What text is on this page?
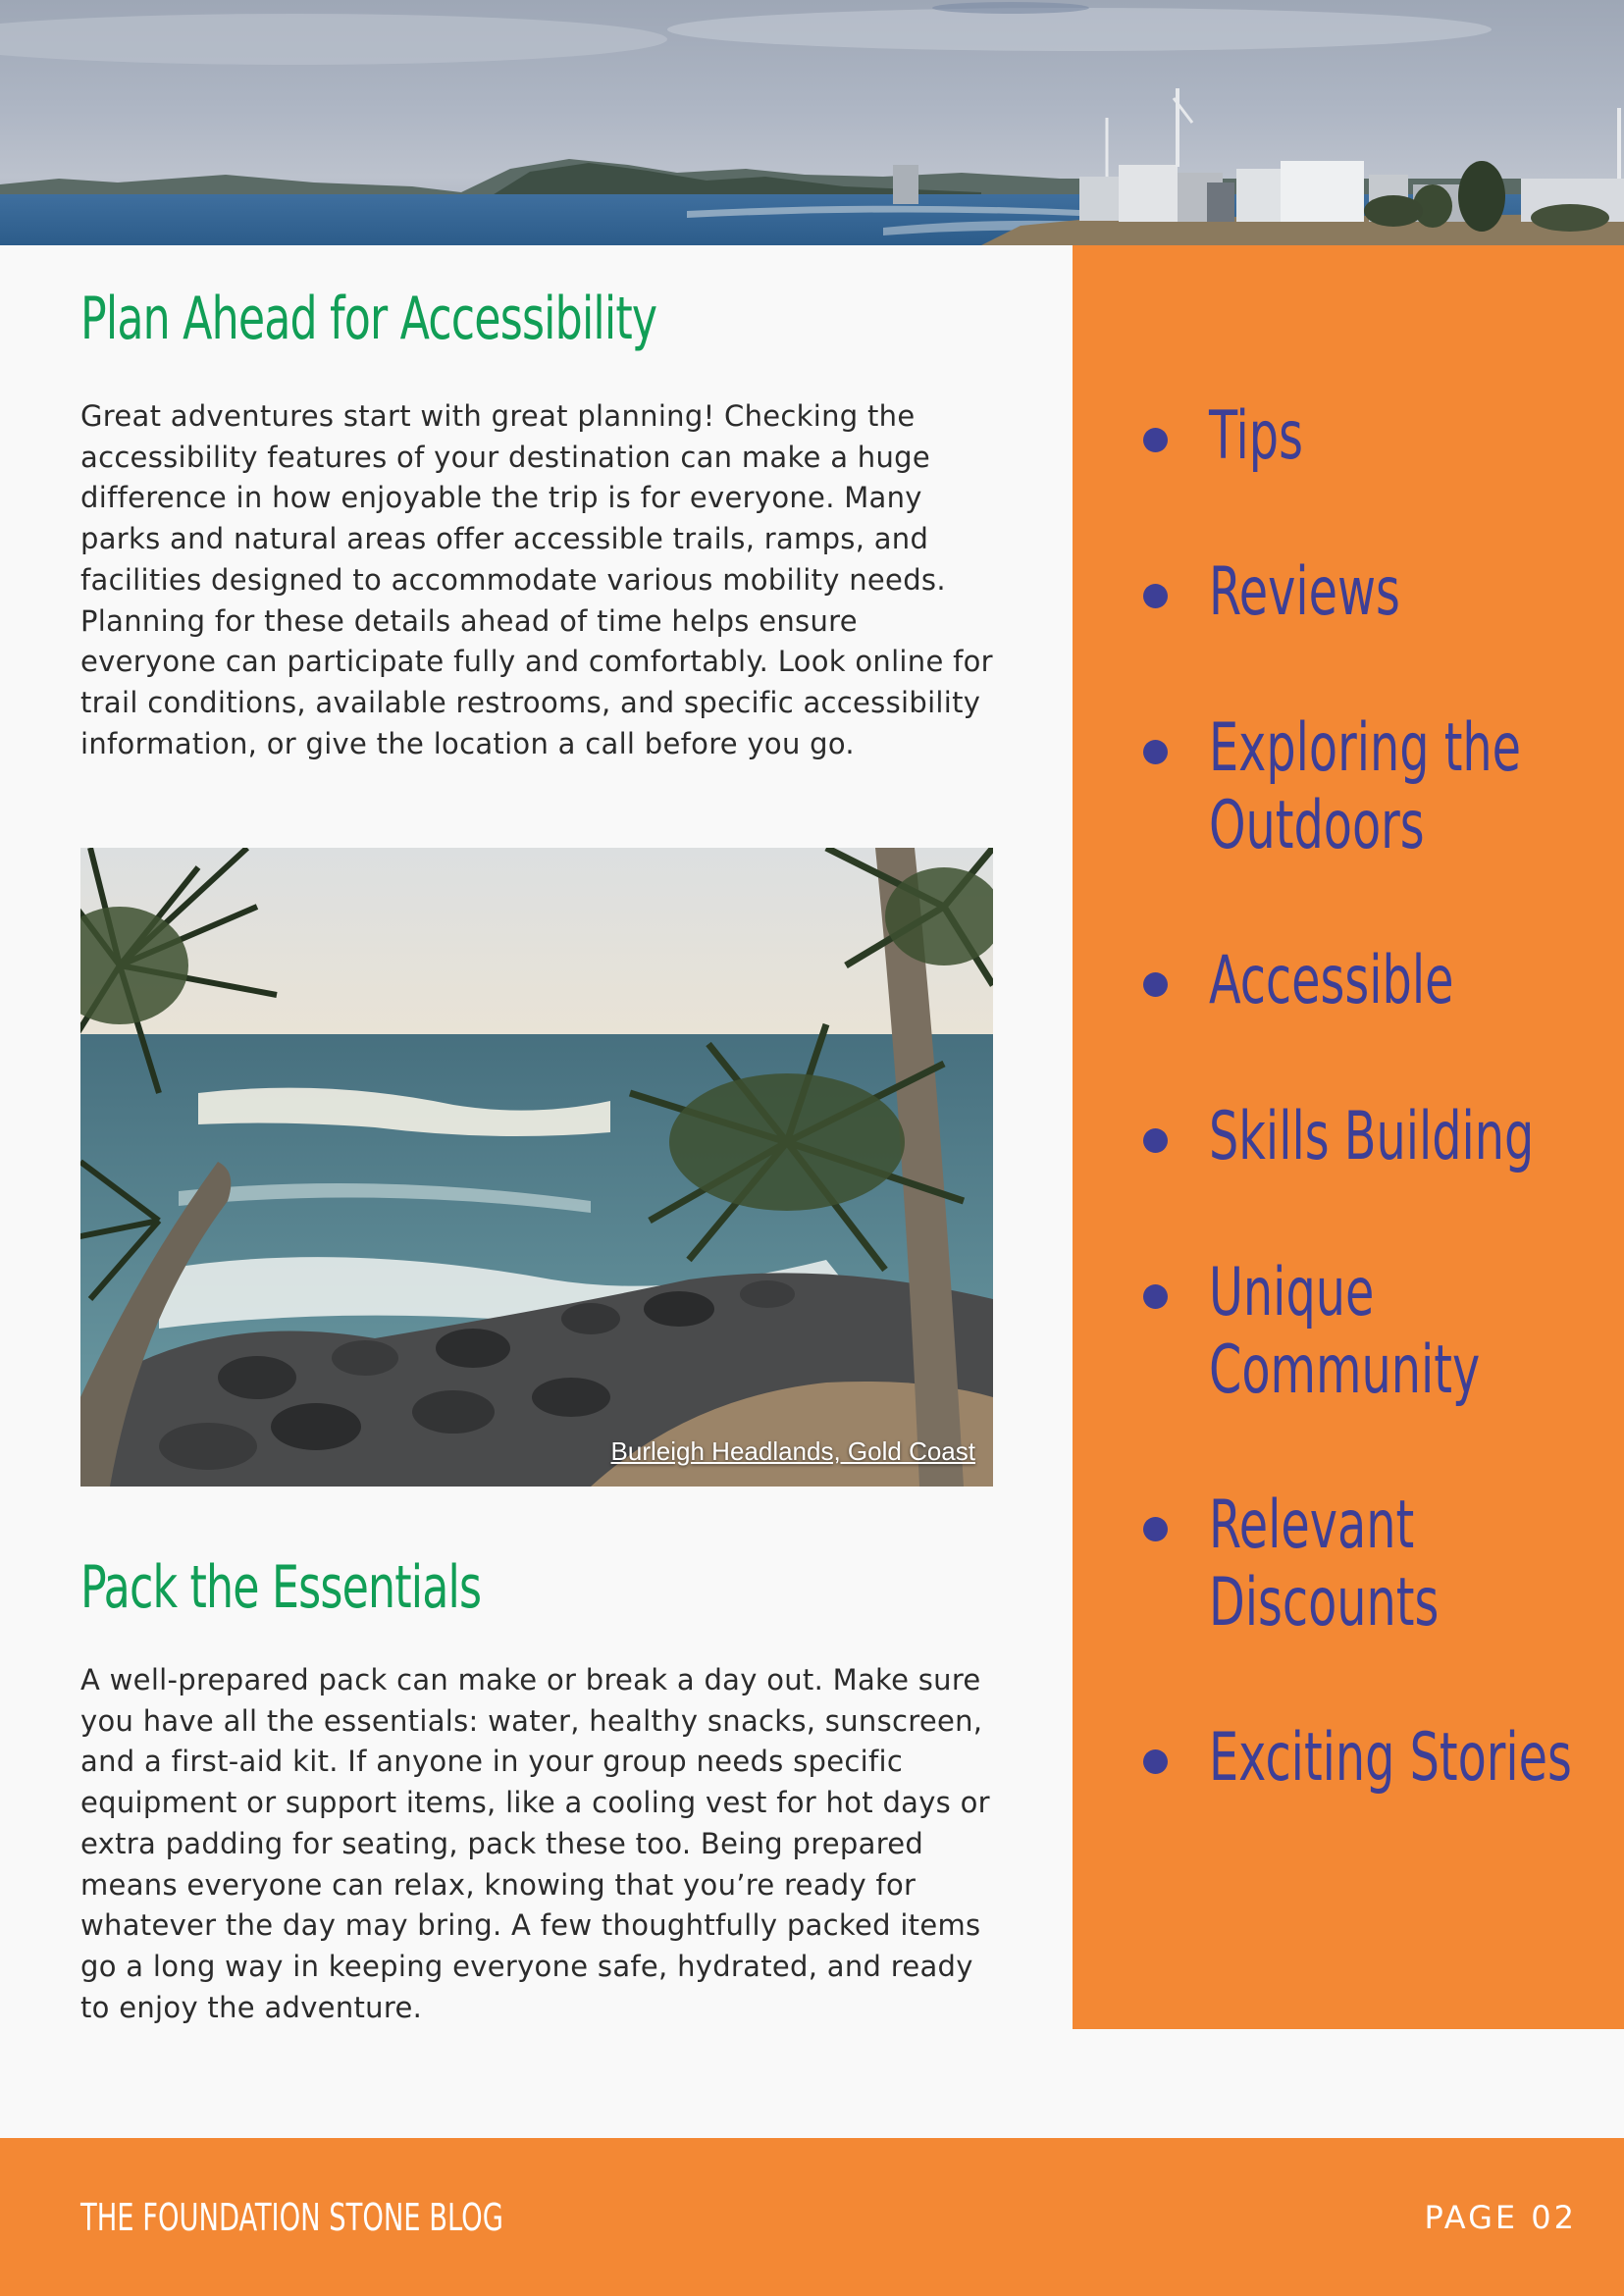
Plan Ahead for Accessibility

Great adventures start with great planning! Checking the accessibility features of your destination can make a huge difference in how enjoyable the trip is for everyone. Many parks and natural areas offer accessible trails, ramps, and facilities designed to accommodate various mobility needs. Planning for these details ahead of time helps ensure everyone can participate fully and comfortably. Look online for trail conditions, available restrooms, and specific accessibility information, or give the location a call before you go.

Burleigh Headlands, Gold Coast
Pack the Essentials

A well-prepared pack can make or break a day out. Make sure you have all the essentials: water, healthy snacks, sunscreen, and a first-aid kit. If anyone in your group needs specific equipment or support items, like a cooling vest for hot days or extra padding for seating, pack these too. Being prepared means everyone can relax, knowing that you’re ready for whatever the day may bring. A few thoughtfully packed items go a long way in keeping everyone safe, hydrated, and ready to enjoy the adventure.

Tips
Reviews
Exploring the
Outdoors
Accessible
Skills Building
Unique
Community
Relevant
Discounts
Exciting Stories
THE FOUNDATION STONE BLOG	PAGE 02
